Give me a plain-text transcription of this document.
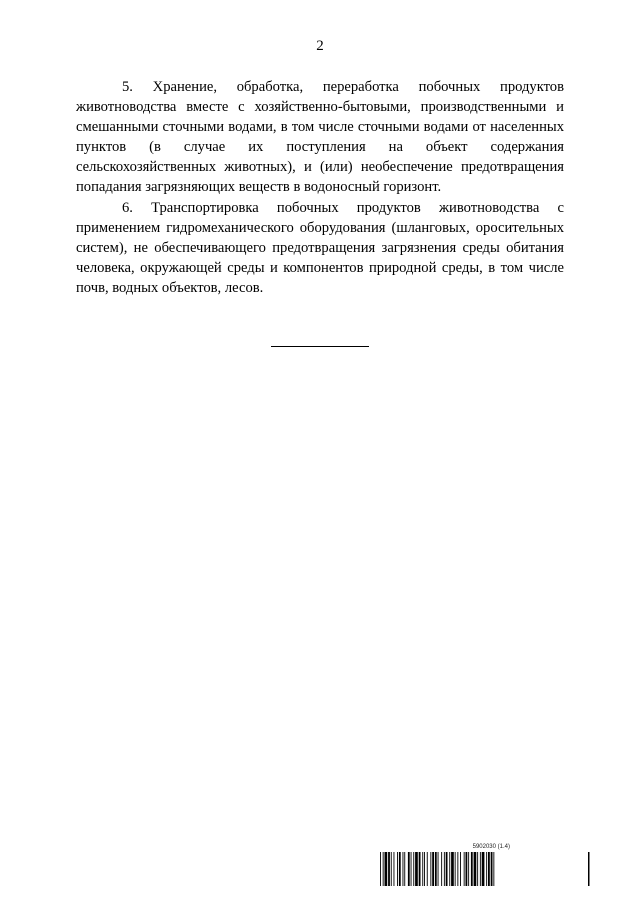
2

5. Хранение, обработка, переработка побочных продуктов животноводства вместе с хозяйственно-бытовыми, производственными и смешанными сточными водами, в том числе сточными водами от населенных пунктов (в случае их поступления на объект содержания сельскохозяйственных животных), и (или) необеспечение предотвращения попадания загрязняющих веществ в водоносный горизонт.

6. Транспортировка побочных продуктов животноводства с применением гидромеханического оборудования (шланговых, оросительных систем), не обеспечивающего предотвращения загрязнения среды обитания человека, окружающей среды и компонентов природной среды, в том числе почв, водных объектов, лесов.

5902030 (1.4)
